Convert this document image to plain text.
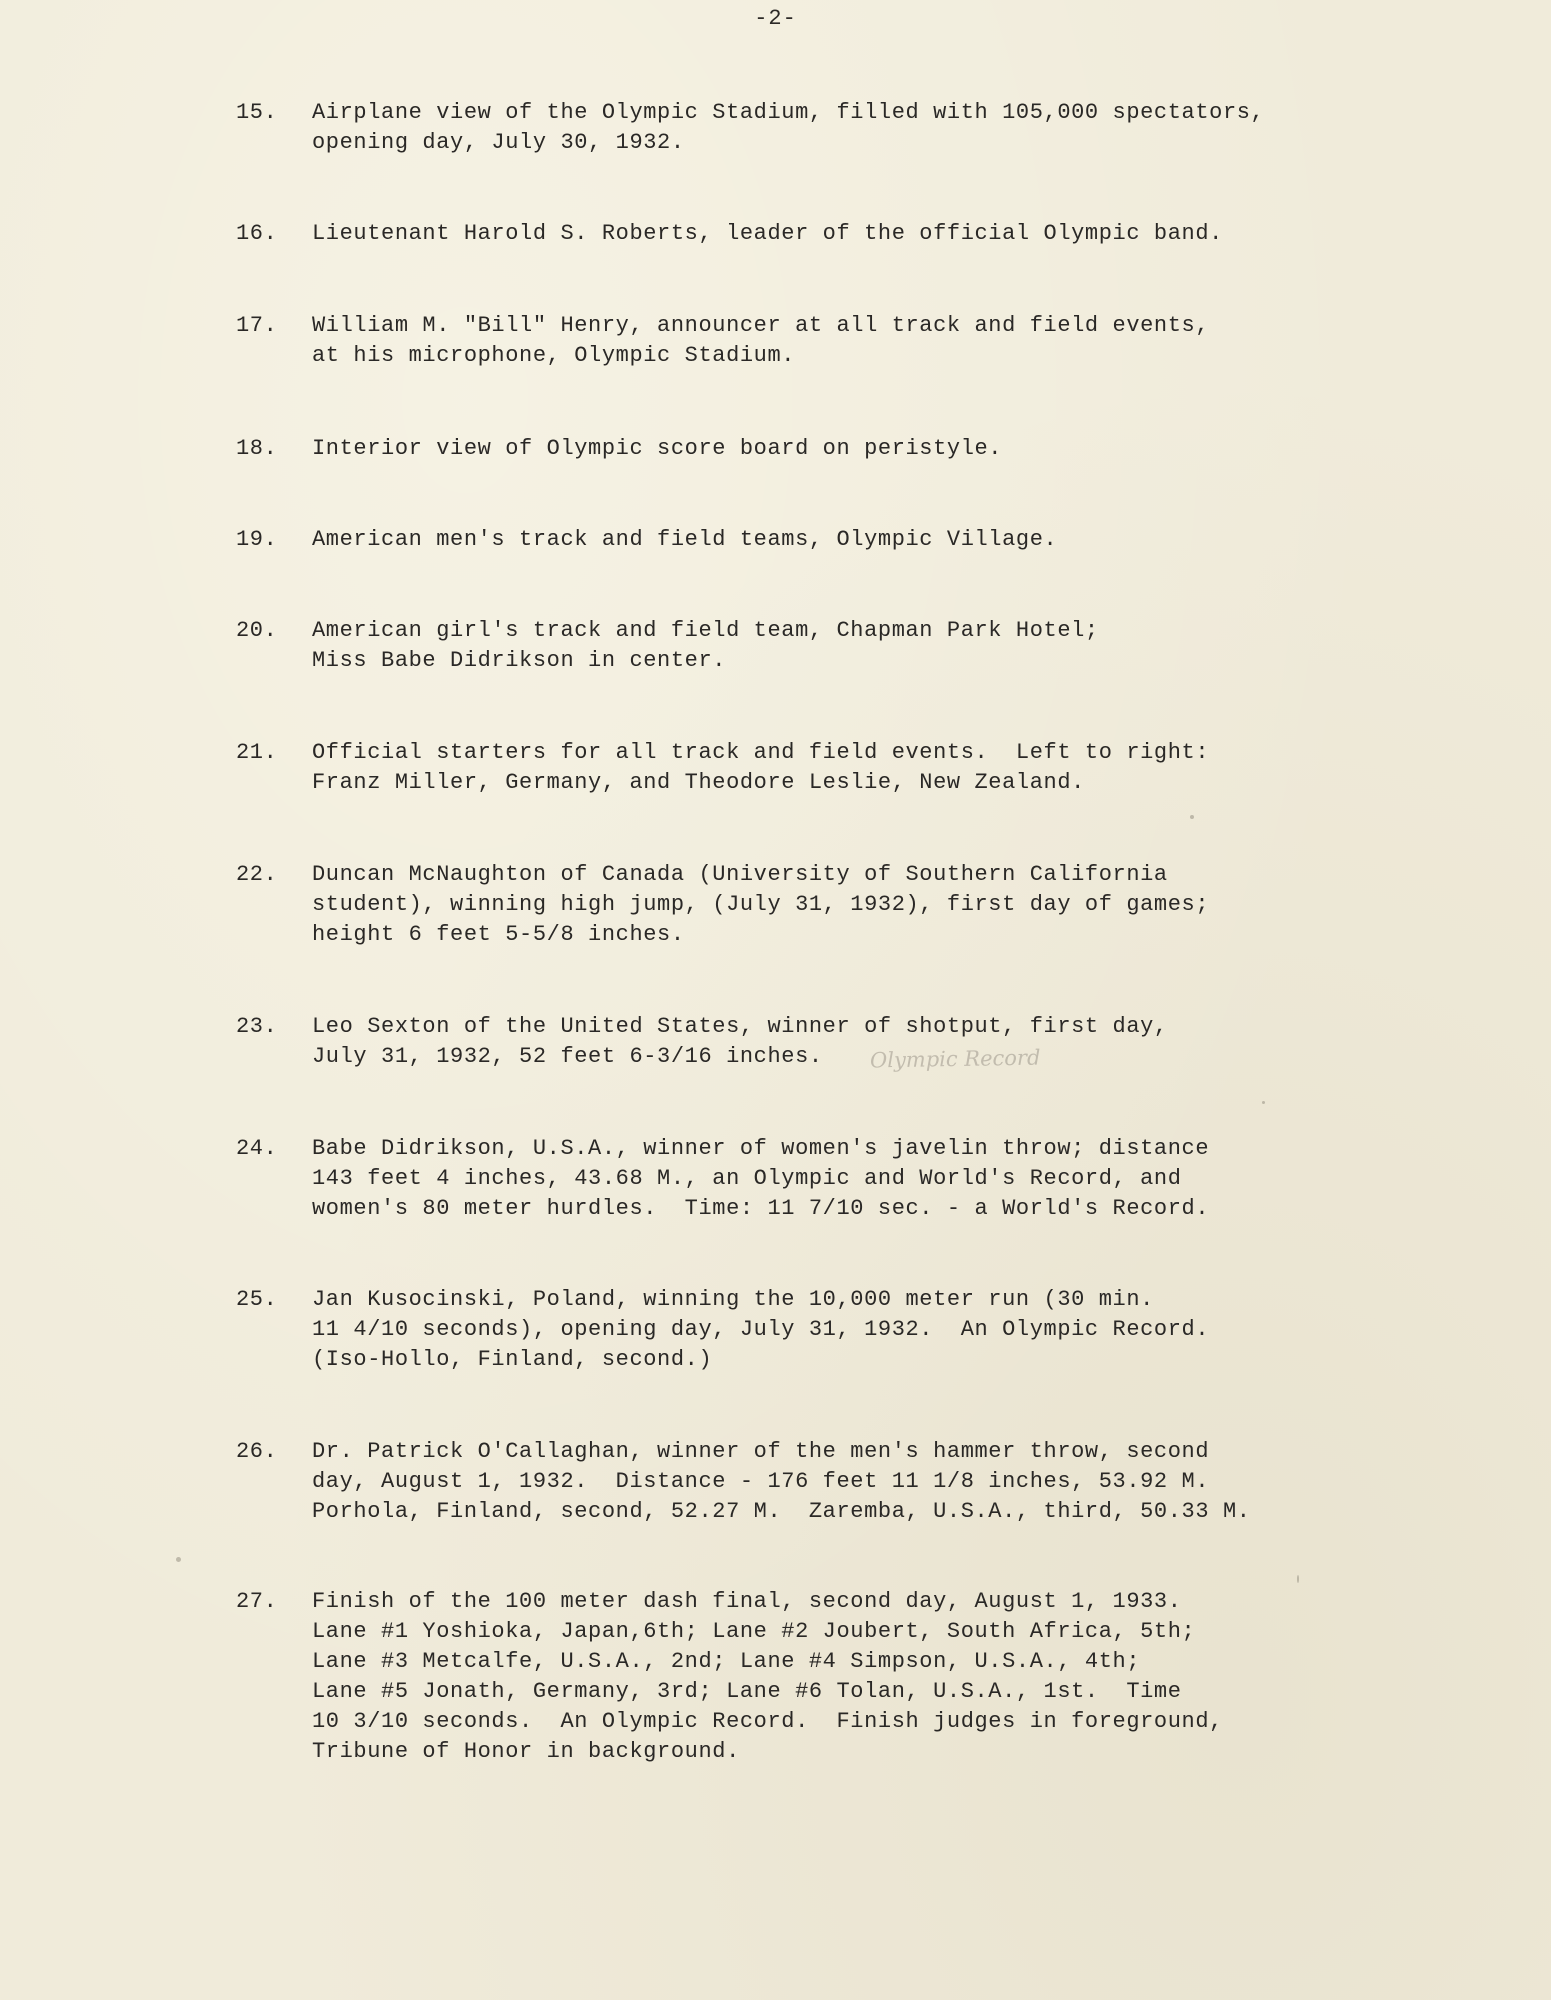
-2-
15.	Airplane view of the Olympic Stadium, filled with 105,000 spectators,
opening day, July 30, 1932.
16.	Lieutenant Harold S. Roberts, leader of the official Olympic band.
17.	William M. "Bill" Henry, announcer at all track and field events,
at his microphone, Olympic Stadium.
18.	Interior view of Olympic score board on peristyle.
19.	American men's track and field teams, Olympic Village.
20.	American girl's track and field team, Chapman Park Hotel;
Miss Babe Didrikson in center.
21.	Official starters for all track and field events.  Left to right:
Franz Miller, Germany, and Theodore Leslie, New Zealand.
22.	Duncan McNaughton of Canada (University of Southern California
student), winning high jump, (July 31, 1932), first day of games;
height 6 feet 5-5/8 inches.
23.	Leo Sexton of the United States, winner of shotput, first day,
July 31, 1932, 52 feet 6-3/16 inches.	Olympic Record
24.	Babe Didrikson, U.S.A., winner of women's javelin throw; distance
143 feet 4 inches, 43.68 M., an Olympic and World's Record, and
women's 80 meter hurdles.  Time: 11 7/10 sec. - a World's Record.
25.	Jan Kusocinski, Poland, winning the 10,000 meter run (30 min.
11 4/10 seconds), opening day, July 31, 1932.  An Olympic Record.
(Iso-Hollo, Finland, second.)
26.	Dr. Patrick O'Callaghan, winner of the men's hammer throw, second
day, August 1, 1932.  Distance - 176 feet 11 1/8 inches, 53.92 M.
Porhola, Finland, second, 52.27 M.  Zaremba, U.S.A., third, 50.33 M.
27.	Finish of the 100 meter dash final, second day, August 1, 1933.
Lane #1 Yoshioka, Japan,6th; Lane #2 Joubert, South Africa, 5th;
Lane #3 Metcalfe, U.S.A., 2nd; Lane #4 Simpson, U.S.A., 4th;
Lane #5 Jonath, Germany, 3rd; Lane #6 Tolan, U.S.A., 1st.  Time
10 3/10 seconds.  An Olympic Record.  Finish judges in foreground,
Tribune of Honor in background.
